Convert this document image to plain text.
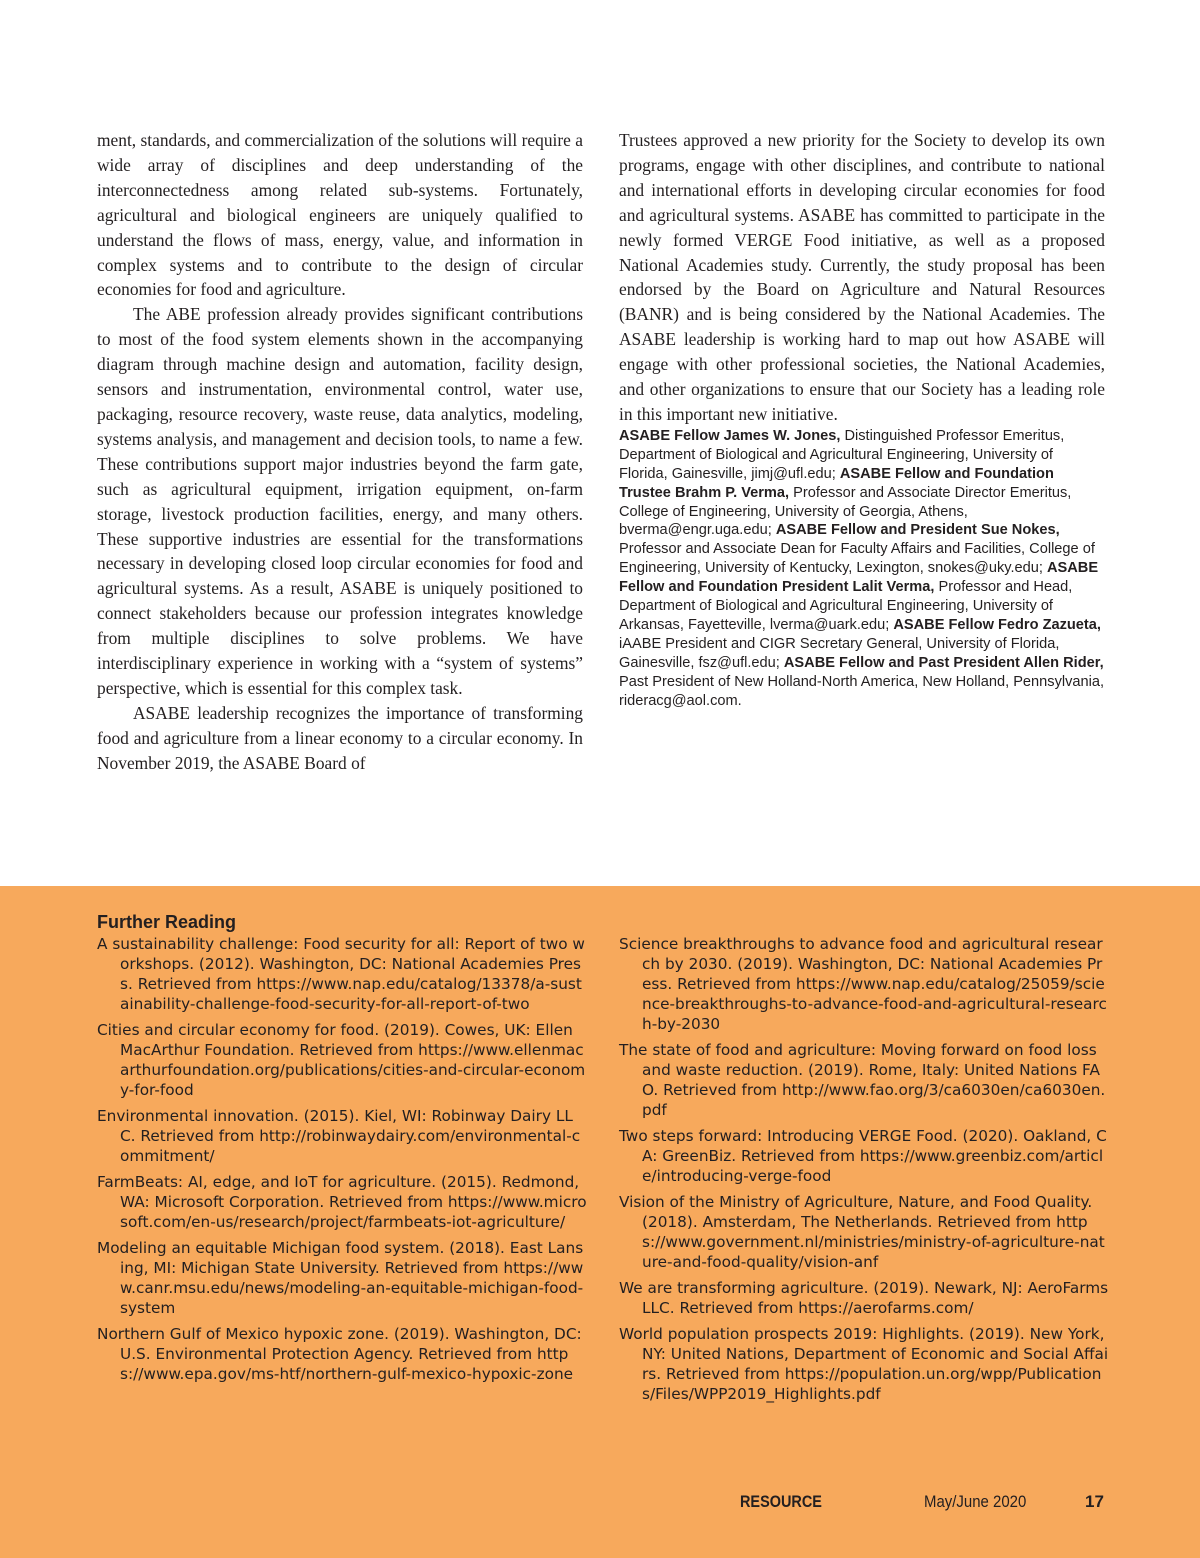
ment, standards, and commercialization of the solutions will require a wide array of disciplines and deep understanding of the interconnectedness among related sub-systems. Fortunately, agricultural and biological engineers are uniquely qualified to understand the flows of mass, energy, value, and information in complex systems and to contribute to the design of circular economies for food and agriculture.

The ABE profession already provides significant contributions to most of the food system elements shown in the accompanying diagram through machine design and automation, facility design, sensors and instrumentation, environmental control, water use, packaging, resource recovery, waste reuse, data analytics, modeling, systems analysis, and management and decision tools, to name a few. These contributions support major industries beyond the farm gate, such as agricultural equipment, irrigation equipment, on-farm storage, livestock production facilities, energy, and many others. These supportive industries are essential for the transformations necessary in developing closed loop circular economies for food and agricultural systems. As a result, ASABE is uniquely positioned to connect stakeholders because our profession integrates knowledge from multiple disciplines to solve problems. We have interdisciplinary experience in working with a “system of systems” perspective, which is essential for this complex task.

ASABE leadership recognizes the importance of transforming food and agriculture from a linear economy to a circular economy. In November 2019, the ASABE Board of

Trustees approved a new priority for the Society to develop its own programs, engage with other disciplines, and contribute to national and international efforts in developing circular economies for food and agricultural systems. ASABE has committed to participate in the newly formed VERGE Food initiative, as well as a proposed National Academies study. Currently, the study proposal has been endorsed by the Board on Agriculture and Natural Resources (BANR) and is being considered by the National Academies. The ASABE leadership is working hard to map out how ASABE will engage with other professional societies, the National Academies, and other organizations to ensure that our Society has a leading role in this important new initiative.

ASABE Fellow James W. Jones, Distinguished Professor Emeritus, Department of Biological and Agricultural Engineering, University of Florida, Gainesville, jimj@ufl.edu; ASABE Fellow and Foundation Trustee Brahm P. Verma, Professor and Associate Director Emeritus, College of Engineering, University of Georgia, Athens, bverma@engr.uga.edu; ASABE Fellow and President Sue Nokes, Professor and Associate Dean for Faculty Affairs and Facilities, College of Engineering, University of Kentucky, Lexington, snokes@uky.edu; ASABE Fellow and Foundation President Lalit Verma, Professor and Head, Department of Biological and Agricultural Engineering, University of Arkansas, Fayetteville, lverma@uark.edu; ASABE Fellow Fedro Zazueta, iAABE President and CIGR Secretary General, University of Florida, Gainesville, fsz@ufl.edu; ASABE Fellow and Past President Allen Rider, Past President of New Holland-North America, New Holland, Pennsylvania, rideracg@aol.com.

Further Reading

A sustainability challenge: Food security for all: Report of two workshops. (2012). Washington, DC: National Academies Press. Retrieved from https://www.nap.edu/catalog/13378/a-sustainability-challenge-food-security-for-all-report-of-two

Cities and circular economy for food. (2019). Cowes, UK: Ellen MacArthur Foundation. Retrieved from https://www.ellenmacarthurfoundation.org/publications/cities-and-circular-economy-for-food

Environmental innovation. (2015). Kiel, WI: Robinway Dairy LLC. Retrieved from http://robinwaydairy.com/environmental-commitment/

FarmBeats: AI, edge, and IoT for agriculture. (2015). Redmond, WA: Microsoft Corporation. Retrieved from https://www.microsoft.com/en-us/research/project/farmbeats-iot-agriculture/

Modeling an equitable Michigan food system. (2018). East Lansing, MI: Michigan State University. Retrieved from https://www.canr.msu.edu/news/modeling-an-equitable-michigan-food-system

Northern Gulf of Mexico hypoxic zone. (2019). Washington, DC: U.S. Environmental Protection Agency. Retrieved from https://www.epa.gov/ms-htf/northern-gulf-mexico-hypoxic-zone

Science breakthroughs to advance food and agricultural research by 2030. (2019). Washington, DC: National Academies Press. Retrieved from https://www.nap.edu/catalog/25059/science-breakthroughs-to-advance-food-and-agricultural-research-by-2030

The state of food and agriculture: Moving forward on food loss and waste reduction. (2019). Rome, Italy: United Nations FAO. Retrieved from http://www.fao.org/3/ca6030en/ca6030en.pdf

Two steps forward: Introducing VERGE Food. (2020). Oakland, CA: GreenBiz. Retrieved from https://www.greenbiz.com/article/introducing-verge-food

Vision of the Ministry of Agriculture, Nature, and Food Quality. (2018). Amsterdam, The Netherlands. Retrieved from https://www.government.nl/ministries/ministry-of-agriculture-nature-and-food-quality/vision-anf

We are transforming agriculture. (2019). Newark, NJ: AeroFarms LLC. Retrieved from https://aerofarms.com/

World population prospects 2019: Highlights. (2019). New York, NY: United Nations, Department of Economic and Social Affairs. Retrieved from https://population.un.org/wpp/Publications/Files/WPP2019_Highlights.pdf

RESOURCE	May/June 2020	17
